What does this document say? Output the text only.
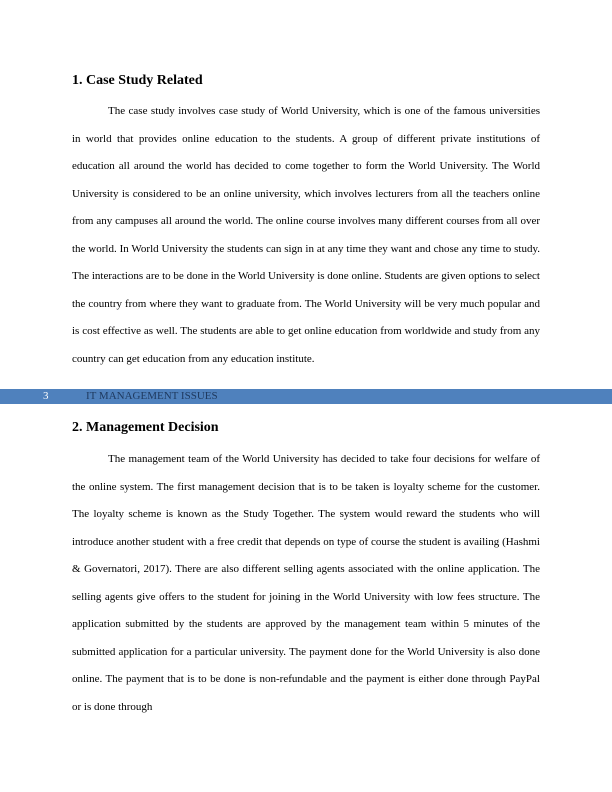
1. Case Study Related

The case study involves case study of World University, which is one of the famous universities in world that provides online education to the students. A group of different private institutions of education all around the world has decided to come together to form the World University. The World University is considered to be an online university, which involves lecturers from all the teachers online from any campuses all around the world. The online course involves many different courses from all over the world. In World University the students can sign in at any time they want and chose any time to study. The interactions are to be done in the World University is done online. Students are given options to select the country from where they want to graduate from. The World University will be very much popular and is cost effective as well. The students are able to get online education from worldwide and study from any country can get education from any education institute.

3	IT MANAGEMENT ISSUES
2. Management Decision

The management team of the World University has decided to take four decisions for welfare of the online system. The first management decision that is to be taken is loyalty scheme for the customer. The loyalty scheme is known as the Study Together. The system would reward the students who will introduce another student with a free credit that depends on type of course the student is availing (Hashmi & Governatori, 2017). There are also different selling agents associated with the online application. The selling agents give offers to the student for joining in the World University with low fees structure. The application submitted by the students are approved by the management team within 5 minutes of the submitted application for a particular university. The payment done for the World University is also done online. The payment that is to be done is non-refundable and the payment is either done through PayPal or is done through
